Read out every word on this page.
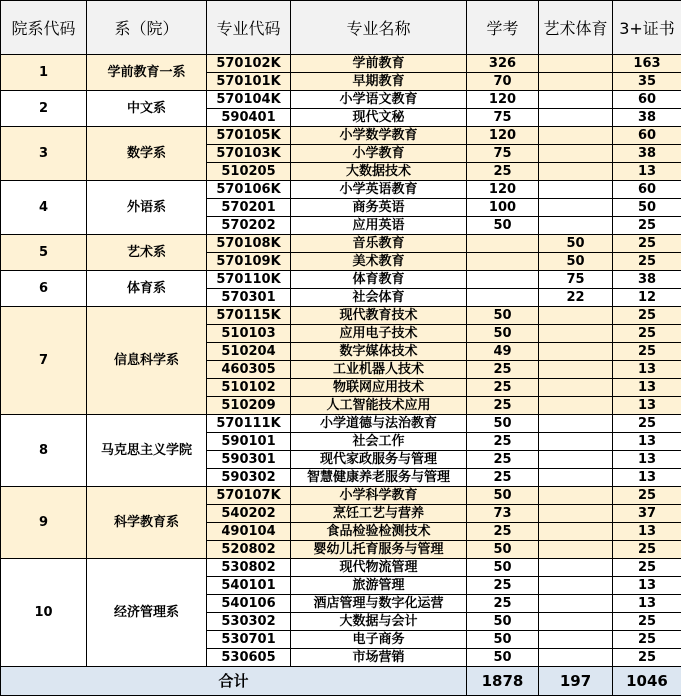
院系代码	系（院）	专业代码	专业名称	学考	艺术体育	3+证书
1	学前教育一系	570102K	学前教育	326		163
		570101K	早期教育	70		35
2	中文系	570104K	小学语文教育	120		60
		590401	现代文秘	75		38
3	数学系	570105K	小学数学教育	120		60
		570103K	小学教育	75		38
		510205	大数据技术	25		13
4	外语系	570106K	小学英语教育	120		60
		570201	商务英语	100		50
		570202	应用英语	50		25
5	艺术系	570108K	音乐教育		50	25
		570109K	美术教育		50	25
6	体育系	570110K	体育教育		75	38
		570301	社会体育		22	12
7	信息科学系	570115K	现代教育技术	50		25
		510103	应用电子技术	50		25
		510204	数字媒体技术	49		25
		460305	工业机器人技术	25		13
		510102	物联网应用技术	25		13
		510209	人工智能技术应用	25		13
8	马克思主义学院	570111K	小学道德与法治教育	50		25
		590101	社会工作	25		13
		590301	现代家政服务与管理	25		13
		590302	智慧健康养老服务与管理	25		13
9	科学教育系	570107K	小学科学教育	50		25
		540202	烹饪工艺与营养	73		37
		490104	食品检验检测技术	25		13
		520802	婴幼儿托育服务与管理	50		25
10	经济管理系	530802	现代物流管理	50		25
		540101	旅游管理	25		13
		540106	酒店管理与数字化运营	25		13
		530302	大数据与会计	50		25
		530701	电子商务	50		25
		530605	市场营销	50		25
合计				1878	197	1046
